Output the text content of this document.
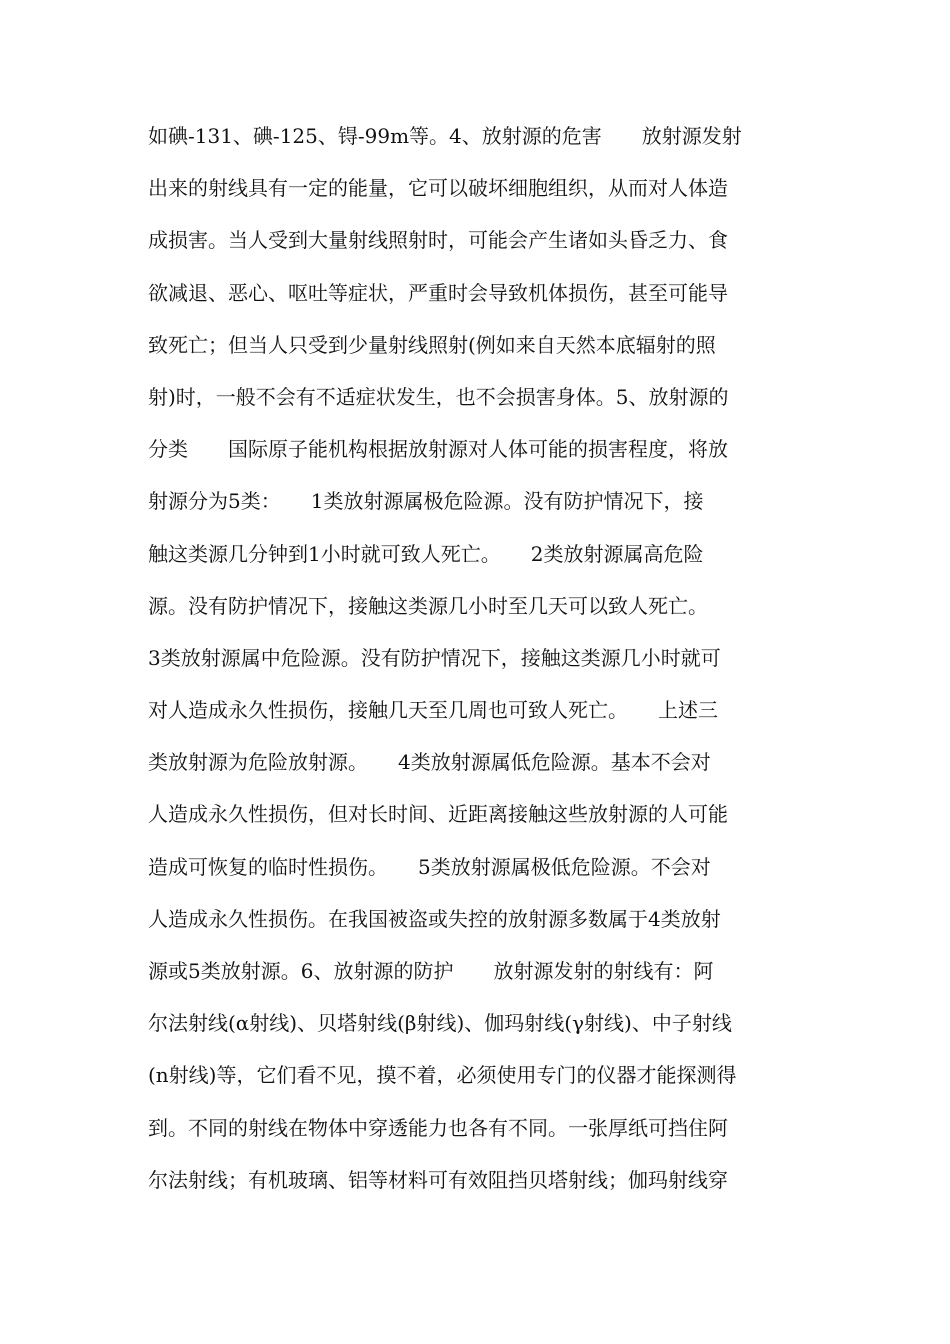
如碘-131、碘-125、锝-99m等。4、放射源的危害　　放射源发射
出来的射线具有一定的能量，它可以破坏细胞组织，从而对人体造
成损害。当人受到大量射线照射时，可能会产生诸如头昏乏力、食
欲减退、恶心、呕吐等症状，严重时会导致机体损伤，甚至可能导
致死亡；但当人只受到少量射线照射(例如来自天然本底辐射的照
射)时，一般不会有不适症状发生，也不会损害身体。5、放射源的
分类　　国际原子能机构根据放射源对人体可能的损害程度，将放
射源分为5类：　　1类放射源属极危险源。没有防护情况下，接
触这类源几分钟到1小时就可致人死亡。　　2类放射源属高危险
源。没有防护情况下，接触这类源几小时至几天可以致人死亡。
3类放射源属中危险源。没有防护情况下，接触这类源几小时就可
对人造成永久性损伤，接触几天至几周也可致人死亡。　　上述三
类放射源为危险放射源。　　4类放射源属低危险源。基本不会对
人造成永久性损伤，但对长时间、近距离接触这些放射源的人可能
造成可恢复的临时性损伤。　　5类放射源属极低危险源。不会对
人造成永久性损伤。在我国被盗或失控的放射源多数属于4类放射
源或5类放射源。6、放射源的防护　　放射源发射的射线有：阿
尔法射线(α射线)、贝塔射线(β射线)、伽玛射线(γ射线)、中子射线
(n射线)等，它们看不见，摸不着，必须使用专门的仪器才能探测得
到。不同的射线在物体中穿透能力也各有不同。一张厚纸可挡住阿
尔法射线；有机玻璃、铝等材料可有效阻挡贝塔射线；伽玛射线穿
